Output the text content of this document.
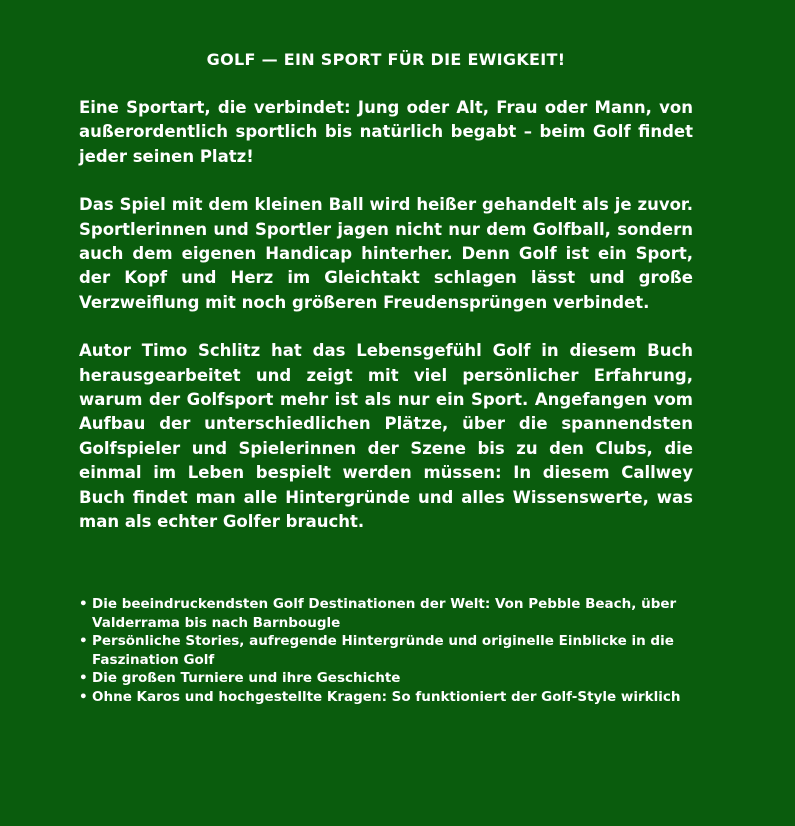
GOLF — EIN SPORT FÜR DIE EWIGKEIT!

Eine Sportart, die verbindet: Jung oder Alt, Frau oder Mann, von außerordentlich sportlich bis natürlich begabt – beim Golf findet jeder seinen Platz!

Das Spiel mit dem kleinen Ball wird heißer gehandelt als je zuvor. Sportlerinnen und Sportler jagen nicht nur dem Golfball, sondern auch dem eigenen Handicap hinterher. Denn Golf ist ein Sport, der Kopf und Herz im Gleichtakt schlagen lässt und große Verzweiflung mit noch größeren Freudensprüngen verbindet.

Autor Timo Schlitz hat das Lebensgefühl Golf in diesem Buch herausgearbeitet und zeigt mit viel persönlicher Erfahrung, warum der Golfsport mehr ist als nur ein Sport. Angefangen vom Aufbau der unterschiedlichen Plätze, über die spannendsten Golfspieler und Spielerinnen der Szene bis zu den Clubs, die einmal im Leben bespielt werden müssen: In diesem Callwey Buch findet man alle Hintergründe und alles Wissenswerte, was man als echter Golfer braucht.

• Die beeindruckendsten Golf Destinationen der Welt: Von Pebble Beach, über Valderrama bis nach Barnbougle
• Persönliche Stories, aufregende Hintergründe und originelle Einblicke in die Faszination Golf
• Die großen Turniere und ihre Geschichte
• Ohne Karos und hochgestellte Kragen: So funktioniert der Golf-Style wirklich
